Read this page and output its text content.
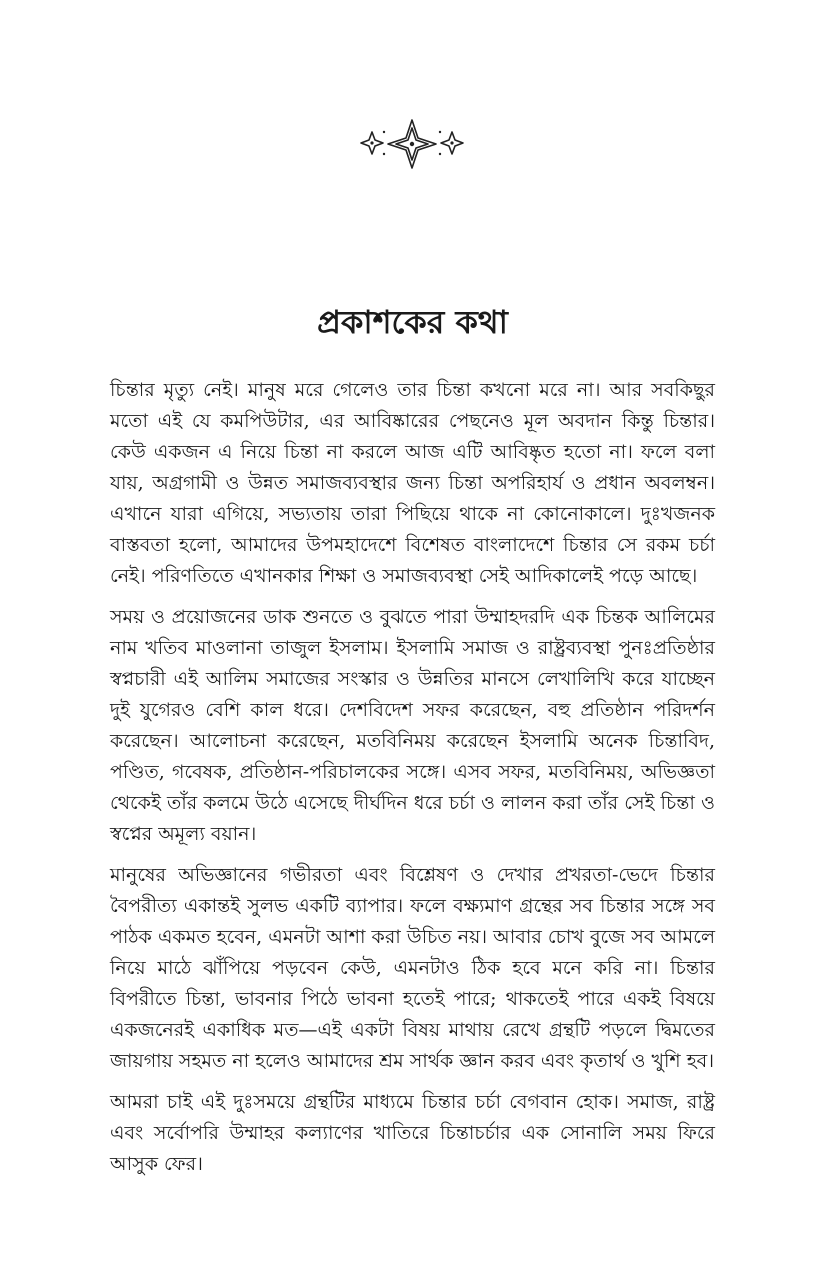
প্রকাশকের কথা

চিন্তার মৃত্যু নেই। মানুষ মরে গেলেও তার চিন্তা কখনো মরে না। আর সবকিছুর মতো এই যে কমপিউটার, এর আবিষ্কারের পেছনেও মূল অবদান কিন্তু চিন্তার। কেউ একজন এ নিয়ে চিন্তা না করলে আজ এটি আবিষ্কৃত হতো না। ফলে বলা যায়, অগ্রগামী ও উন্নত সমাজব্যবস্থার জন্য চিন্তা অপরিহার্য ও প্রধান অবলম্বন। এখানে যারা এগিয়ে, সভ্যতায় তারা পিছিয়ে থাকে না কোনোকালে। দুঃখজনক বাস্তবতা হলো, আমাদের উপমহাদেশে বিশেষত বাংলাদেশে চিন্তার সে রকম চর্চা নেই। পরিণতিতে এখানকার শিক্ষা ও সমাজব্যবস্থা সেই আদিকালেই পড়ে আছে।

সময় ও প্রয়োজনের ডাক শুনতে ও বুঝতে পারা উম্মাহদরদি এক চিন্তক আলিমের নাম খতিব মাওলানা তাজুল ইসলাম। ইসলামি সমাজ ও রাষ্ট্রব্যবস্থা পুনঃপ্রতিষ্ঠার স্বপ্নচারী এই আলিম সমাজের সংস্কার ও উন্নতির মানসে লেখালিখি করে যাচ্ছেন দুই যুগেরও বেশি কাল ধরে। দেশবিদেশ সফর করেছেন, বহু প্রতিষ্ঠান পরিদর্শন করেছেন। আলোচনা করেছেন, মতবিনিময় করেছেন ইসলামি অনেক চিন্তাবিদ, পণ্ডিত, গবেষক, প্রতিষ্ঠান-পরিচালকের সঙ্গে। এসব সফর, মতবিনিময়, অভিজ্ঞতা থেকেই তাঁর কলমে উঠে এসেছে দীর্ঘদিন ধরে চর্চা ও লালন করা তাঁর সেই চিন্তা ও স্বপ্নের অমূল্য বয়ান।

মানুষের অভিজ্ঞানের গভীরতা এবং বিশ্লেষণ ও দেখার প্রখরতা-ভেদে চিন্তার বৈপরীত্য একান্তই সুলভ একটি ব্যাপার। ফলে বক্ষ্যমাণ গ্রন্থের সব চিন্তার সঙ্গে সব পাঠক একমত হবেন, এমনটা আশা করা উচিত নয়। আবার চোখ বুজে সব আমলে নিয়ে মাঠে ঝাঁপিয়ে পড়বেন কেউ, এমনটাও ঠিক হবে মনে করি না। চিন্তার বিপরীতে চিন্তা, ভাবনার পিঠে ভাবনা হতেই পারে; থাকতেই পারে একই বিষয়ে একজনেরই একাধিক মত—এই একটা বিষয় মাথায় রেখে গ্রন্থটি পড়লে দ্বিমতের জায়গায় সহমত না হলেও আমাদের শ্রম সার্থক জ্ঞান করব এবং কৃতার্থ ও খুশি হব।

আমরা চাই এই দুঃসময়ে গ্রন্থটির মাধ্যমে চিন্তার চর্চা বেগবান হোক। সমাজ, রাষ্ট্র এবং সর্বোপরি উম্মাহর কল্যাণের খাতিরে চিন্তাচর্চার এক সোনালি সময় ফিরে আসুক ফের।
